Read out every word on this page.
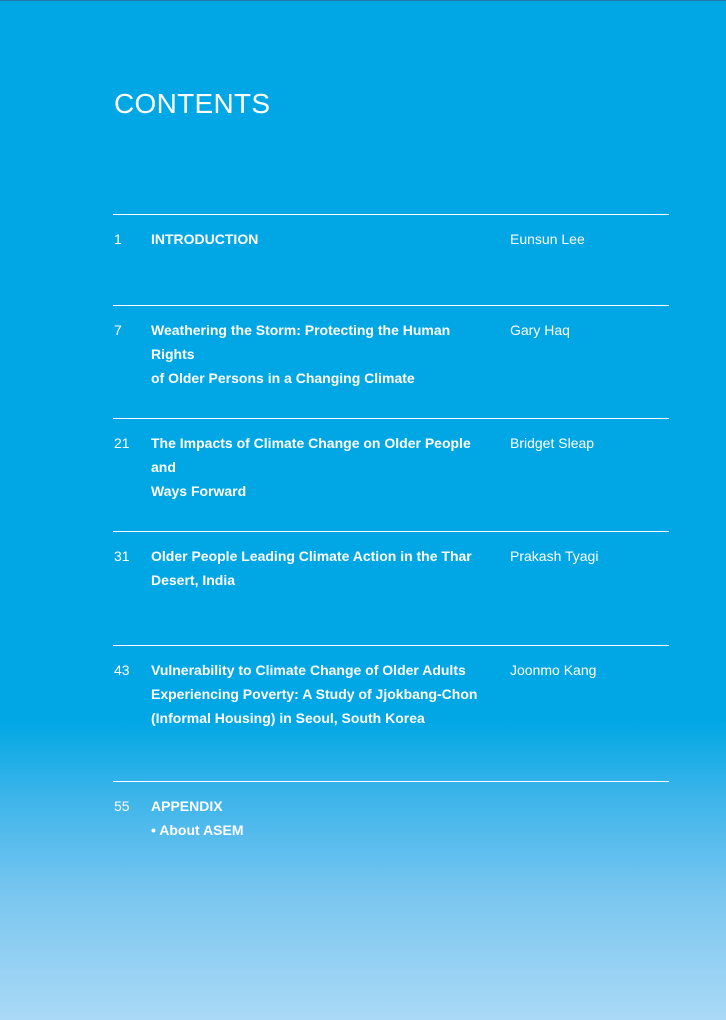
CONTENTS
1 INTRODUCTION	Eunsun Lee
7 Weathering the Storm: Protecting the Human Rights
of Older Persons in a Changing Climate
Gary Haq
21 The Impacts of Climate Change on Older People and
Ways Forward
Bridget Sleap
31 Older People Leading Climate Action in the Thar
Desert, India
Prakash Tyagi
43 Vulnerability to Climate Change of Older Adults
Experiencing Poverty: A Study of Jjokbang-Chon
(Informal Housing) in Seoul, South Korea
Joonmo Kang
55 APPENDIX
• About ASEM
